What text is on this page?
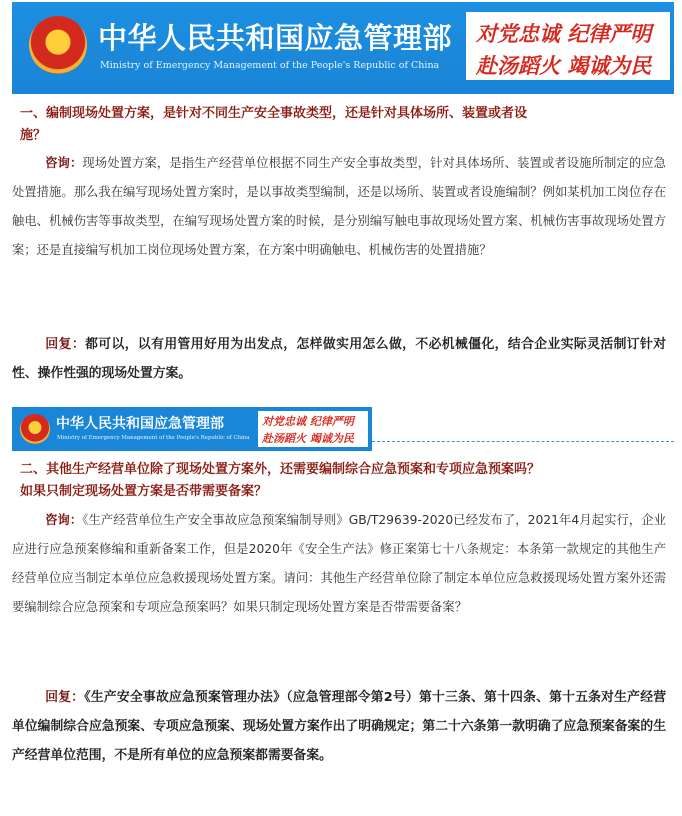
中华人民共和国应急管理部
Ministry of Emergency Management of the People's Republic of China
对党忠诚 纪律严明
赴汤蹈火 竭诚为民
一、编制现场处置方案，是针对不同生产安全事故类型，还是针对具体场所、装置或者设
施？
咨询：现场处置方案，是指生产经营单位根据不同生产安全事故类型，针对具体场所、装置或者设施所制定的应急处置措施。那么我在编写现场处置方案时，是以事故类型编制，还是以场所、装置或者设施编制？例如某机加工岗位存在触电、机械伤害等事故类型，在编写现场处置方案的时候，是分别编写触电事故现场处置方案、机械伤害事故现场处置方案；还是直接编写机加工岗位现场处置方案，在方案中明确触电、机械伤害的处置措施？
回复：都可以，以有用管用好用为出发点，怎样做实用怎么做，不必机械僵化，结合企业实际灵活制订针对性、操作性强的现场处置方案。
中华人民共和国应急管理部
Ministry of Emergency Management of the People's Republic of China
对党忠诚 纪律严明
赴汤蹈火 竭诚为民
二、其他生产经营单位除了现场处置方案外，还需要编制综合应急预案和专项应急预案吗？
如果只制定现场处置方案是否带需要备案？
咨询：《生产经营单位生产安全事故应急预案编制导则》GB/T29639-2020已经发布了，2021年4月起实行，企业应进行应急预案修编和重新备案工作，但是2020年《安全生产法》修正案第七十八条规定：本条第一款规定的其他生产经营单位应当制定本单位应急救援现场处置方案。请问：其他生产经营单位除了制定本单位应急救援现场处置方案外还需要编制综合应急预案和专项应急预案吗？如果只制定现场处置方案是否带需要备案？
回复：《生产安全事故应急预案管理办法》（应急管理部令第2号）第十三条、第十四条、第十五条对生产经营单位编制综合应急预案、专项应急预案、现场处置方案作出了明确规定；第二十六条第一款明确了应急预案备案的生产经营单位范围，不是所有单位的应急预案都需要备案。
